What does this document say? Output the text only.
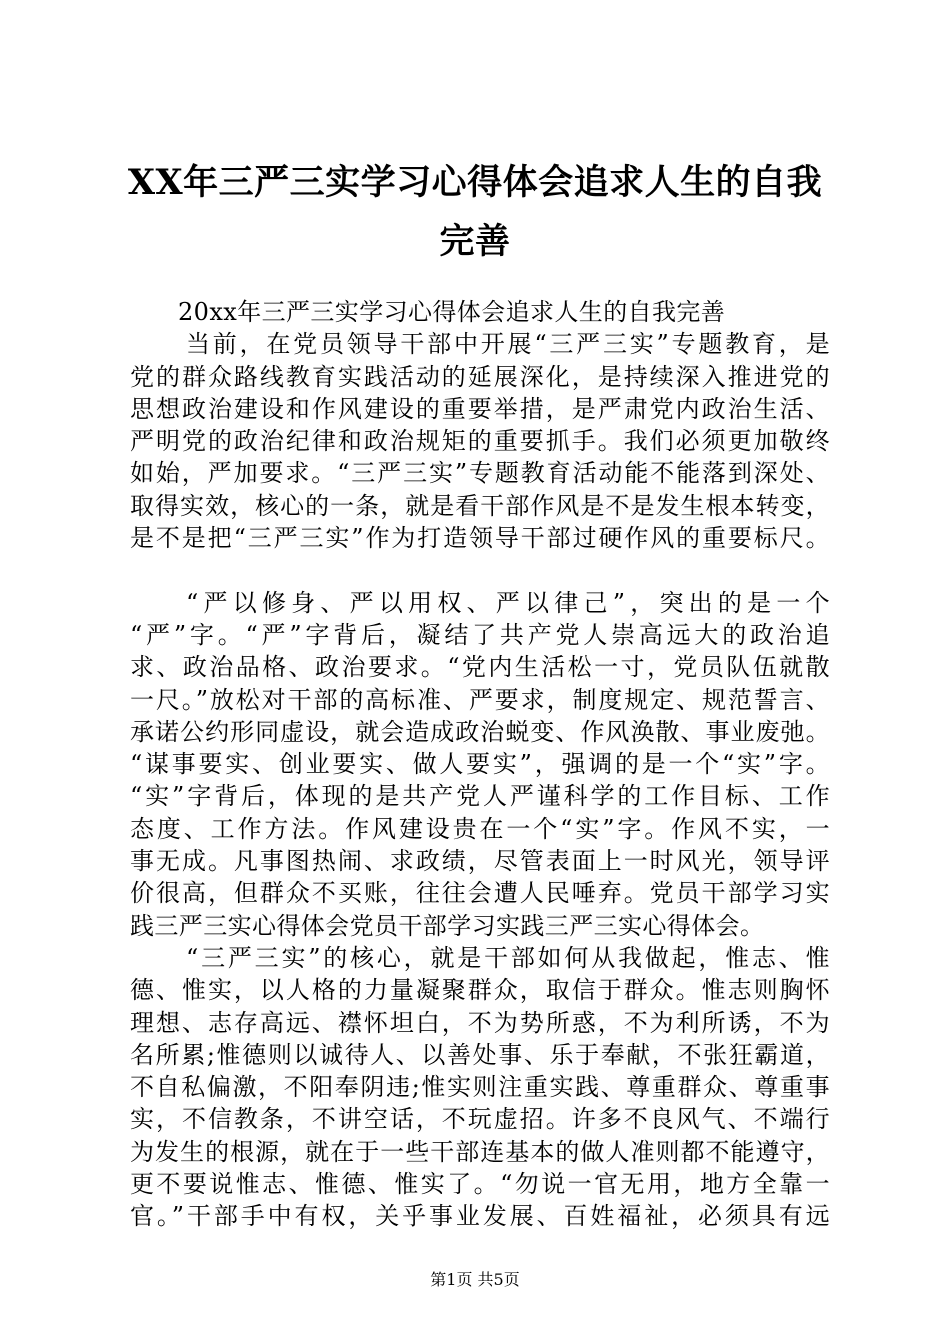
XX年三严三实学习心得体会追求人生的自我
完善
20xx年三严三实学习心得体会追求人生的自我完善
当前，在党员领导干部中开展“三严三实”专题教育，是
党的群众路线教育实践活动的延展深化，是持续深入推进党的
思想政治建设和作风建设的重要举措，是严肃党内政治生活、
严明党的政治纪律和政治规矩的重要抓手。我们必须更加敬终
如始，严加要求。“三严三实”专题教育活动能不能落到深处、
取得实效，核心的一条，就是看干部作风是不是发生根本转变，
是不是把“三严三实”作为打造领导干部过硬作风的重要标尺。
“严以修身、严以用权、严以律己”，突出的是一个
“严”字。“严”字背后，凝结了共产党人崇高远大的政治追
求、政治品格、政治要求。“党内生活松一寸，党员队伍就散
一尺。”放松对干部的高标准、严要求，制度规定、规范誓言、
承诺公约形同虚设，就会造成政治蜕变、作风涣散、事业废弛。
“谋事要实、创业要实、做人要实”，强调的是一个“实”字。
“实”字背后，体现的是共产党人严谨科学的工作目标、工作
态度、工作方法。作风建设贵在一个“实”字。作风不实，一
事无成。凡事图热闹、求政绩，尽管表面上一时风光，领导评
价很高，但群众不买账，往往会遭人民唾弃。党员干部学习实
践三严三实心得体会党员干部学习实践三严三实心得体会。
“三严三实”的核心，就是干部如何从我做起，惟志、惟
德、惟实，以人格的力量凝聚群众，取信于群众。惟志则胸怀
理想、志存高远、襟怀坦白，不为势所惑，不为利所诱，不为
名所累;惟德则以诚待人、以善处事、乐于奉献，不张狂霸道，
不自私偏激，不阳奉阴违;惟实则注重实践、尊重群众、尊重事
实，不信教条，不讲空话，不玩虚招。许多不良风气、不端行
为发生的根源，就在于一些干部连基本的做人准则都不能遵守，
更不要说惟志、惟德、惟实了。“勿说一官无用，地方全靠一
官。”干部手中有权，关乎事业发展、百姓福祉，必须具有远
第1页 共5页
